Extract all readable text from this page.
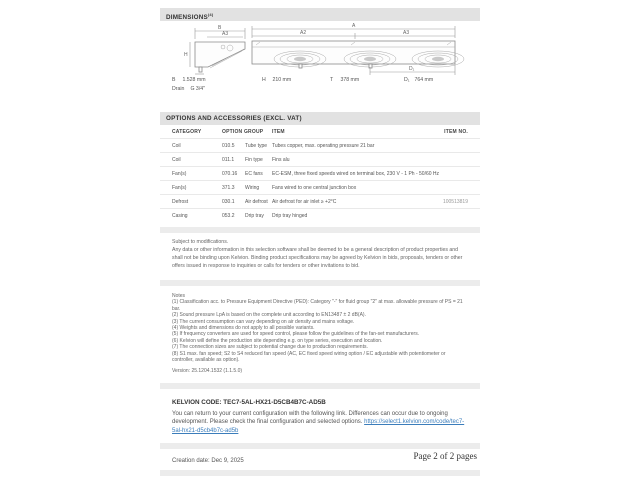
DIMENSIONS$^{(4)}$
B
A3
H
A
A2	A3
D₁
B 1.528 mm
Drain G 3/4"
H 210 mm	T 378 mm	D₁ 764 mm
OPTIONS AND ACCESSORIES (EXCL. VAT)
CATEGORY	OPTION GROUP	ITEM	ITEM NO.
Coil	010.5	Tube type Tubes copper, max. operating pressure 21 bar
Coil	011.1	Fin type	Fins alu
Fan(s)	070.16	EC fans	EC-ESM, three fixed speeds wired on terminal box, 230 V - 1 Ph - 50/60 Hz
Fan(s)	371.3	Wiring	Fans wired to one central junction box
Defrost	030.1	Air defrost Air defrost for air inlet ≥ +2°C	100513819
Casing	053.2	Drip tray	Drip tray hinged
Subject to modifications.
Any data or other information in this selection software shall be deemed to be a general description of product properties and shall not be binding upon Kelvion. Binding product specifications may be agreed by Kelvion in bids, proposals, tenders or other offers issued in response to inquiries or calls for tenders or other invitations to bid.
Notes
(1) Classification acc. to Pressure Equipment Directive (PED): Category "-" for fluid group "2" at max. allowable pressure of PS = 21 bar.
(2) Sound pressure LpA is based on the complete unit according to EN13487 ± 2 dB(A).
(3) The current consumption can vary depending on air density and mains voltage.
(4) Weights and dimensions do not apply to all possible variants.
(5) If frequency converters are used for speed control, please follow the guidelines of the fan-set manufacturers.
(6) Kelvion will define the production site depending e.g. on type series, execution and location.
(7) The connection sizes are subject to potential change due to production requirements.
(8) S1 max. fan speed; S2 to S4 reduced fan speed (AC, EC fixed speed wiring option / EC adjustable with potentiometer or controller, available as option).
Version: 25.1204.1532 (1.1.5.0)
KELVION CODE: TEC7-5AL-HX21-D5CB4B7C-AD5B
You can return to your current configuration with the following link. Differences can occur due to ongoing development. Please check the final configuration and selected options. https://select1.kelvion.com/code/tec7-5al-hx21-d5cb4b7c-ad5b
Creation date: Dec 9, 2025
Page 2 of 2 pages
